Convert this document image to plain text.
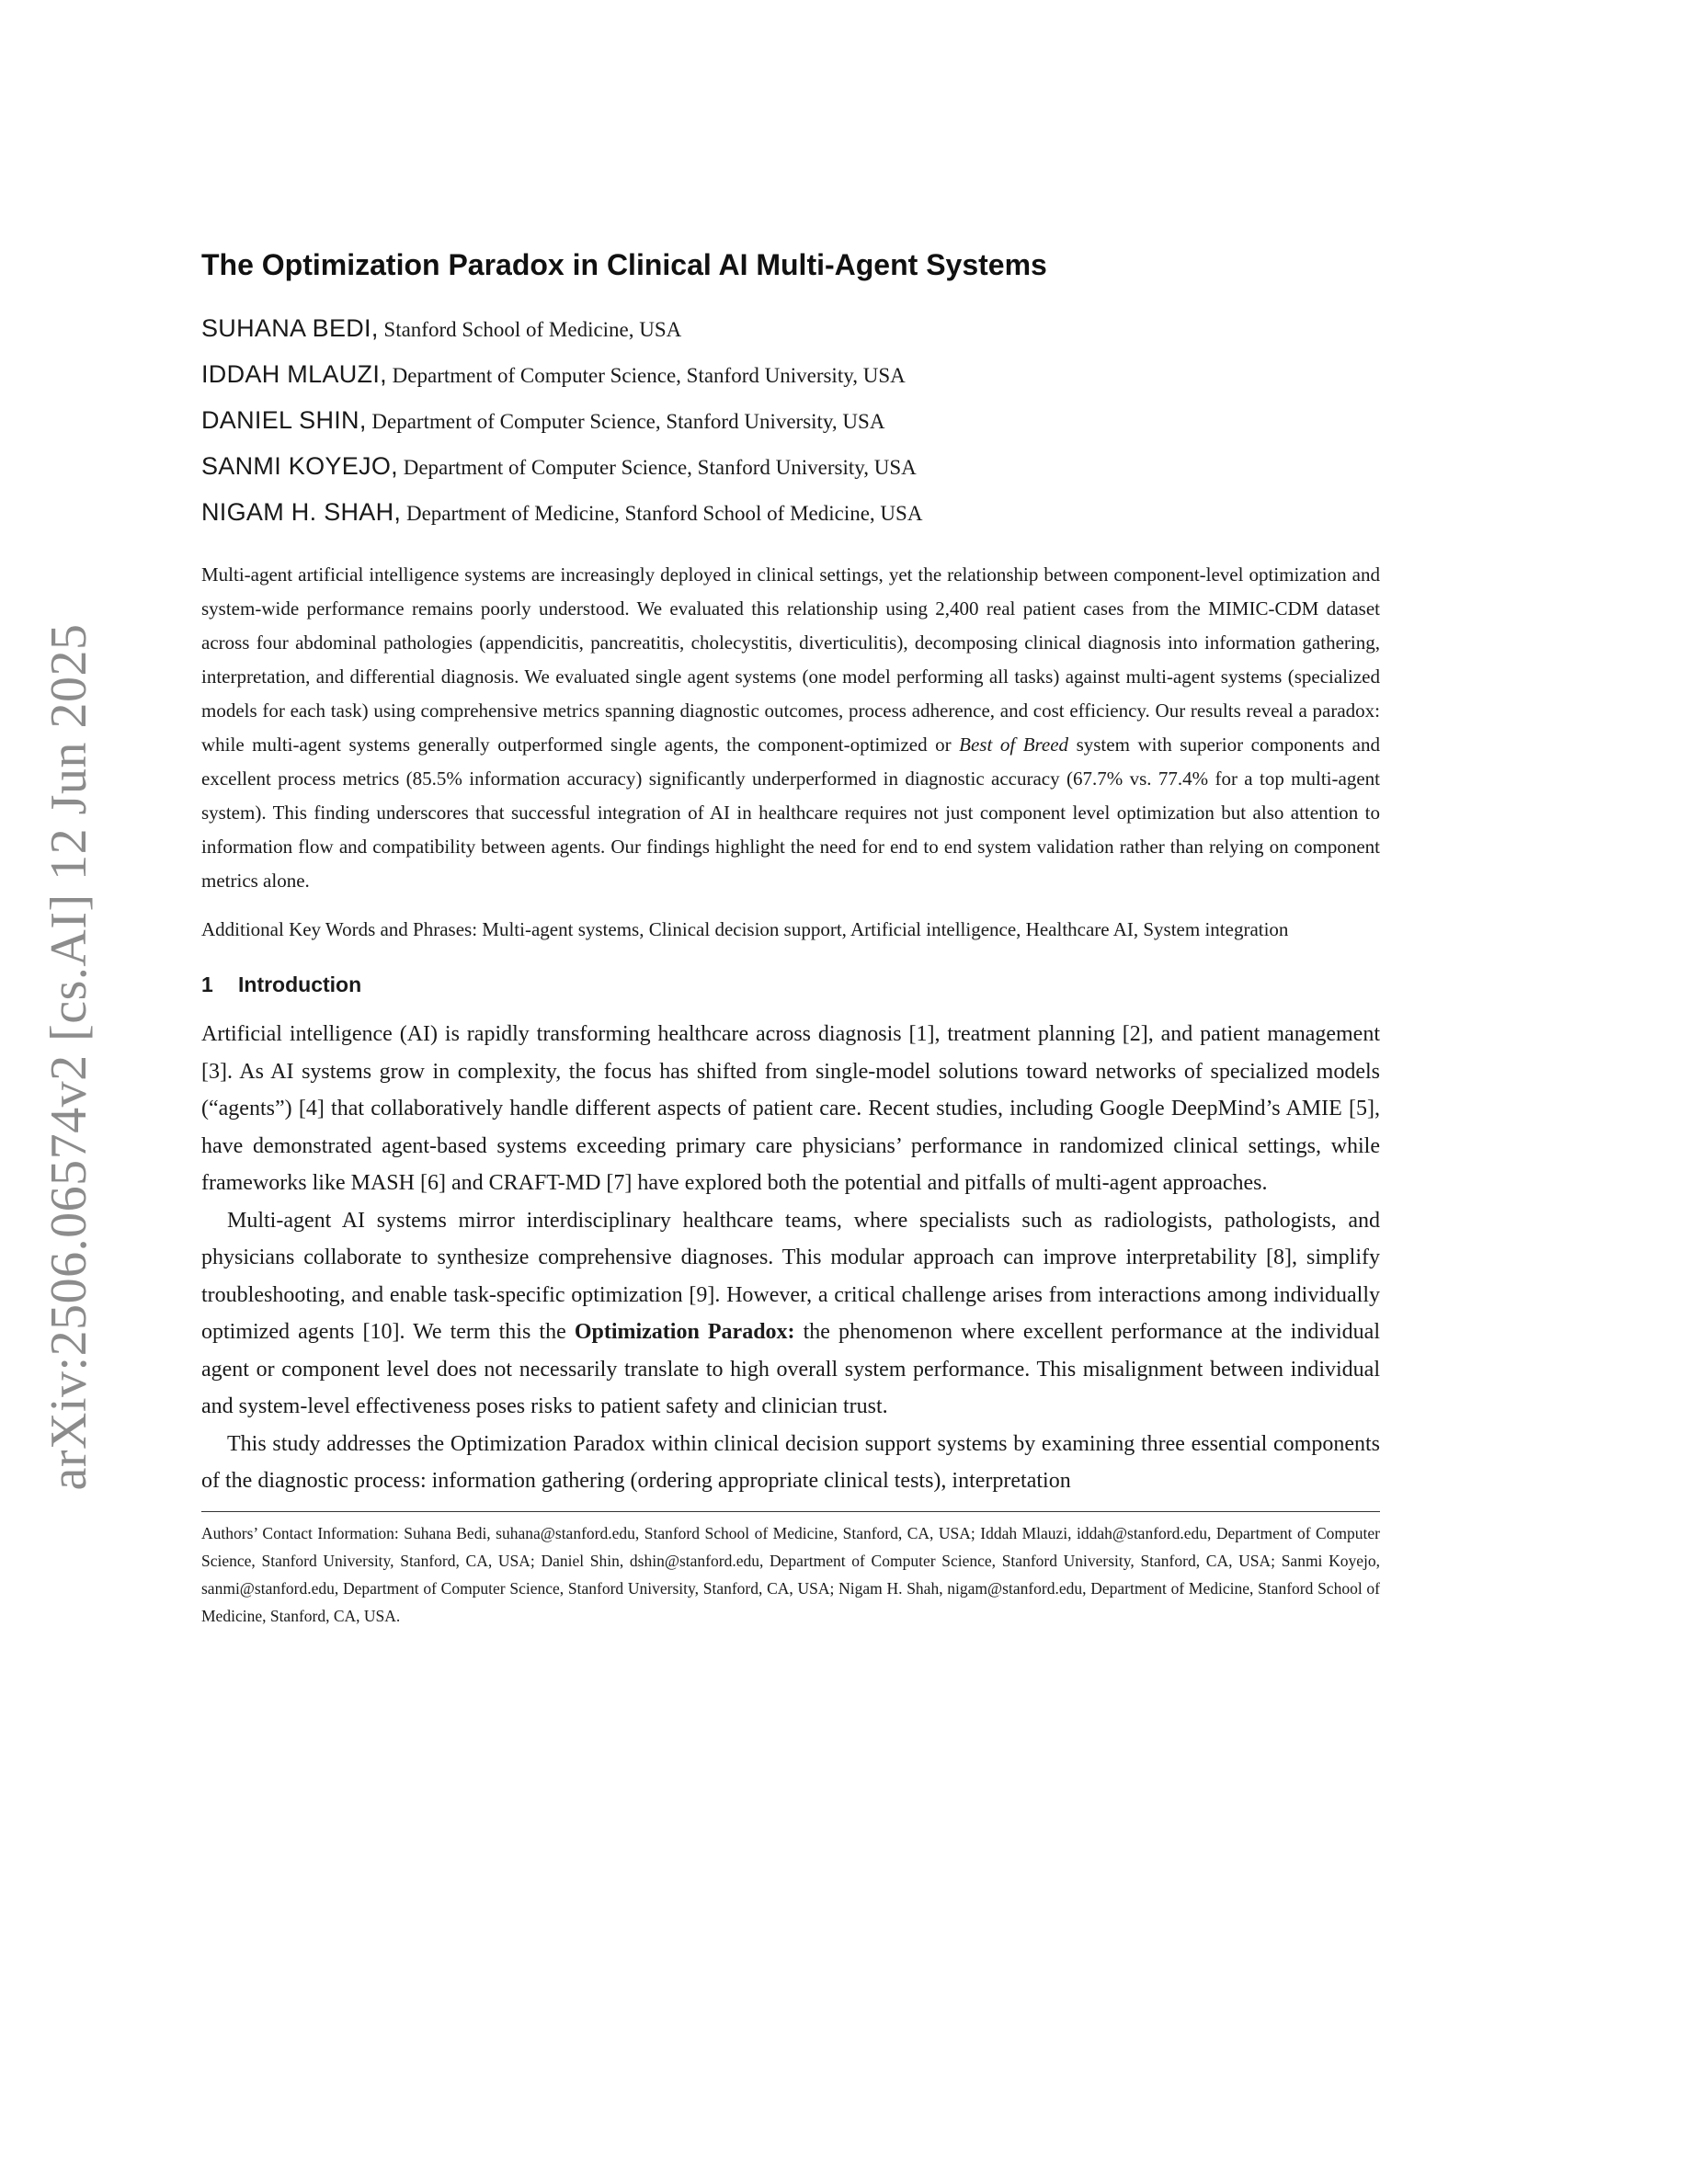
arXiv:2506.06574v2 [cs.AI] 12 Jun 2025
The Optimization Paradox in Clinical AI Multi-Agent Systems
SUHANA BEDI, Stanford School of Medicine, USA
IDDAH MLAUZI, Department of Computer Science, Stanford University, USA
DANIEL SHIN, Department of Computer Science, Stanford University, USA
SANMI KOYEJO, Department of Computer Science, Stanford University, USA
NIGAM H. SHAH, Department of Medicine, Stanford School of Medicine, USA

Multi-agent artificial intelligence systems are increasingly deployed in clinical settings, yet the relationship between component-level optimization and system-wide performance remains poorly understood. We evaluated this relationship using 2,400 real patient cases from the MIMIC-CDM dataset across four abdominal pathologies (appendicitis, pancreatitis, cholecystitis, diverticulitis), decomposing clinical diagnosis into information gathering, interpretation, and differential diagnosis. We evaluated single agent systems (one model performing all tasks) against multi-agent systems (specialized models for each task) using comprehensive metrics spanning diagnostic outcomes, process adherence, and cost efficiency. Our results reveal a paradox: while multi-agent systems generally outperformed single agents, the component-optimized or Best of Breed system with superior components and excellent process metrics (85.5% information accuracy) significantly underperformed in diagnostic accuracy (67.7% vs. 77.4% for a top multi-agent system). This finding underscores that successful integration of AI in healthcare requires not just component level optimization but also attention to information flow and compatibility between agents. Our findings highlight the need for end to end system validation rather than relying on component metrics alone.

Additional Key Words and Phrases: Multi-agent systems, Clinical decision support, Artificial intelligence, Healthcare AI, System integration

1 Introduction

Artificial intelligence (AI) is rapidly transforming healthcare across diagnosis [1], treatment planning [2], and patient management [3]. As AI systems grow in complexity, the focus has shifted from single-model solutions toward networks of specialized models (“agents”) [4] that collaboratively handle different aspects of patient care. Recent studies, including Google DeepMind’s AMIE [5], have demonstrated agent-based systems exceeding primary care physicians’ performance in randomized clinical settings, while frameworks like MASH [6] and CRAFT-MD [7] have explored both the potential and pitfalls of multi-agent approaches.

Multi-agent AI systems mirror interdisciplinary healthcare teams, where specialists such as radiologists, pathologists, and physicians collaborate to synthesize comprehensive diagnoses. This modular approach can improve interpretability [8], simplify troubleshooting, and enable task-specific optimization [9]. However, a critical challenge arises from interactions among individually optimized agents [10]. We term this the Optimization Paradox: the phenomenon where excellent performance at the individual agent or component level does not necessarily translate to high overall system performance. This misalignment between individual and system-level effectiveness poses risks to patient safety and clinician trust.

This study addresses the Optimization Paradox within clinical decision support systems by examining three essential components of the diagnostic process: information gathering (ordering appropriate clinical tests), interpretation

Authors’ Contact Information: Suhana Bedi, suhana@stanford.edu, Stanford School of Medicine, Stanford, CA, USA; Iddah Mlauzi, iddah@stanford.edu, Department of Computer Science, Stanford University, Stanford, CA, USA; Daniel Shin, dshin@stanford.edu, Department of Computer Science, Stanford University, Stanford, CA, USA; Sanmi Koyejo, sanmi@stanford.edu, Department of Computer Science, Stanford University, Stanford, CA, USA; Nigam H. Shah, nigam@stanford.edu, Department of Medicine, Stanford School of Medicine, Stanford, CA, USA.
